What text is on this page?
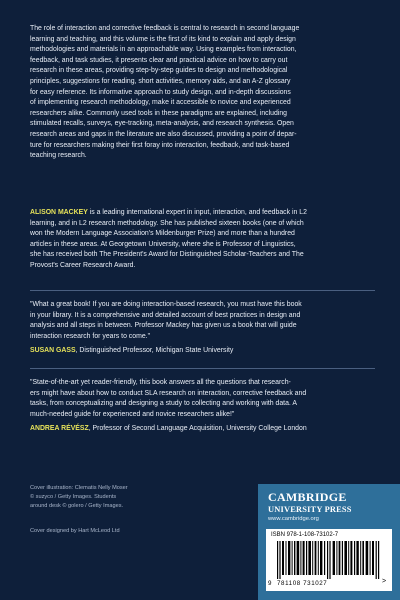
The role of interaction and corrective feedback is central to research in second language
learning and teaching, and this volume is the first of its kind to explain and apply design
methodologies and materials in an approachable way. Using examples from interaction,
feedback, and task studies, it presents clear and practical advice on how to carry out
research in these areas, providing step-by-step guides to design and methodological
principles, suggestions for reading, short activities, memory aids, and an A-Z glossary
for easy reference. Its informative approach to study design, and in-depth discussions
of implementing research methodology, make it accessible to novice and experienced
researchers alike. Commonly used tools in these paradigms are explained, including
stimulated recalls, surveys, eye-tracking, meta-analysis, and research synthesis. Open
research areas and gaps in the literature are also discussed, providing a point of depar-
ture for researchers making their first foray into interaction, feedback, and task-based
teaching research.

ALISON MACKEY is a leading international expert in input, interaction, and feedback in L2
learning, and in L2 research methodology. She has published sixteen books (one of which
won the Modern Language Association's Mildenburger Prize) and more than a hundred
articles in these areas. At Georgetown University, where she is Professor of Linguistics,
she has received both The President's Award for Distinguished Scholar-Teachers and The
Provost's Career Research Award.

"What a great book! If you are doing interaction-based research, you must have this book
in your library. It is a comprehensive and detailed account of best practices in design and
analysis and all steps in between. Professor Mackey has given us a book that will guide
interaction research for years to come."

SUSAN GASS, Distinguished Professor, Michigan State University

"State-of-the-art yet reader-friendly, this book answers all the questions that research-
ers might have about how to conduct SLA research on interaction, corrective feedback and
tasks, from conceptualizing and designing a study to collecting and working with data. A
much-needed guide for experienced and novice researchers alike!"

ANDREA RÉVÉSZ, Professor of Second Language Acquisition, University College London

Cover illustration: Clematis Nelly Moser
© suzyco / Getty Images. Students
around desk © golero / Getty Images.

Cover designed by Hart McLeod Ltd

CAMBRIDGE

UNIVERSITY PRESS

www.cambridge.org

ISBN 978-1-108-73102-7

9 781108 731027	>
